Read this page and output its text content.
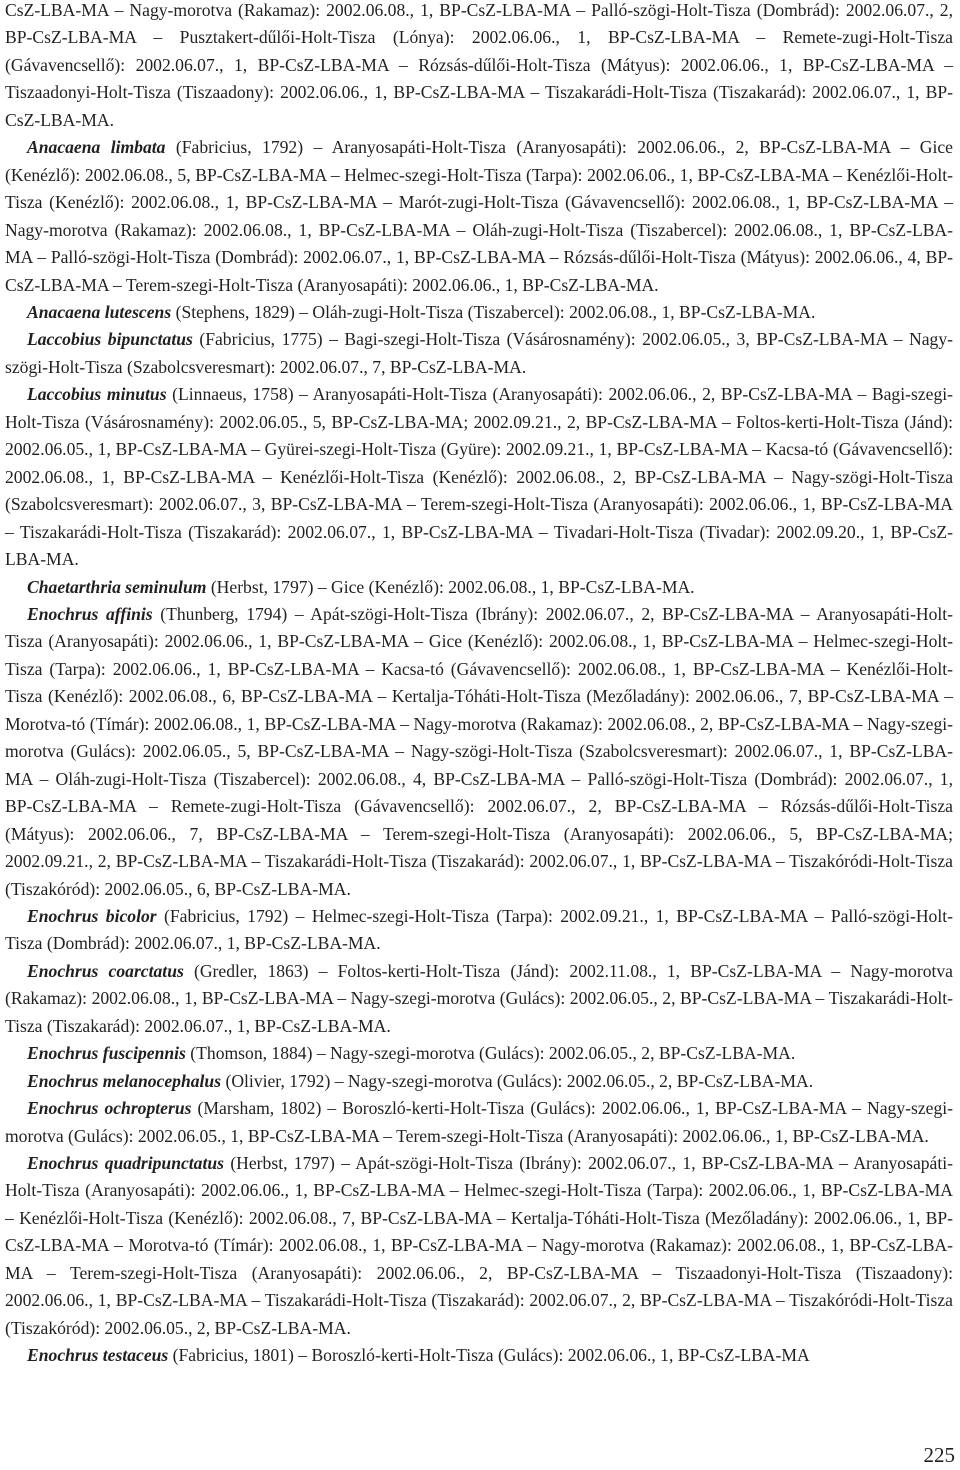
CsZ-LBA-MA – Nagy-morotva (Rakamaz): 2002.06.08., 1, BP-CsZ-LBA-MA – Palló-szögi-Holt-Tisza (Dombrád): 2002.06.07., 2, BP-CsZ-LBA-MA – Pusztakert-dűlői-Holt-Tisza (Lónya): 2002.06.06., 1, BP-CsZ-LBA-MA – Remete-zugi-Holt-Tisza (Gávavencsellő): 2002.06.07., 1, BP-CsZ-LBA-MA – Rózsás-dűlői-Holt-Tisza (Mátyus): 2002.06.06., 1, BP-CsZ-LBA-MA – Tiszaadonyi-Holt-Tisza (Tiszaadony): 2002.06.06., 1, BP-CsZ-LBA-MA – Tiszakarádi-Holt-Tisza (Tiszakarád): 2002.06.07., 1, BP-CsZ-LBA-MA.

Anacaena limbata (Fabricius, 1792) – Aranyosapáti-Holt-Tisza (Aranyosapáti): 2002.06.06., 2, BP-CsZ-LBA-MA – Gice (Kenézlő): 2002.06.08., 5, BP-CsZ-LBA-MA – Helmec-szegi-Holt-Tisza (Tarpa): 2002.06.06., 1, BP-CsZ-LBA-MA – Kenézlői-Holt-Tisza (Kenézlő): 2002.06.08., 1, BP-CsZ-LBA-MA – Marót-zugi-Holt-Tisza (Gávavencsellő): 2002.06.08., 1, BP-CsZ-LBA-MA – Nagy-morotva (Rakamaz): 2002.06.08., 1, BP-CsZ-LBA-MA – Oláh-zugi-Holt-Tisza (Tiszabercel): 2002.06.08., 1, BP-CsZ-LBA-MA – Palló-szögi-Holt-Tisza (Dombrád): 2002.06.07., 1, BP-CsZ-LBA-MA – Rózsás-dűlői-Holt-Tisza (Mátyus): 2002.06.06., 4, BP-CsZ-LBA-MA – Terem-szegi-Holt-Tisza (Aranyosapáti): 2002.06.06., 1, BP-CsZ-LBA-MA.

Anacaena lutescens (Stephens, 1829) – Oláh-zugi-Holt-Tisza (Tiszabercel): 2002.06.08., 1, BP-CsZ-LBA-MA.

Laccobius bipunctatus (Fabricius, 1775) – Bagi-szegi-Holt-Tisza (Vásárosnamény): 2002.06.05., 3, BP-CsZ-LBA-MA – Nagy-szögi-Holt-Tisza (Szabolcsveresmart): 2002.06.07., 7, BP-CsZ-LBA-MA.

Laccobius minutus (Linnaeus, 1758) – Aranyosapáti-Holt-Tisza (Aranyosapáti): 2002.06.06., 2, BP-CsZ-LBA-MA – Bagi-szegi-Holt-Tisza (Vásárosnamény): 2002.06.05., 5, BP-CsZ-LBA-MA; 2002.09.21., 2, BP-CsZ-LBA-MA – Foltos-kerti-Holt-Tisza (Jánd): 2002.06.05., 1, BP-CsZ-LBA-MA – Gyürei-szegi-Holt-Tisza (Gyüre): 2002.09.21., 1, BP-CsZ-LBA-MA – Kacsa-tó (Gávavencsellő): 2002.06.08., 1, BP-CsZ-LBA-MA – Kenézlői-Holt-Tisza (Kenézlő): 2002.06.08., 2, BP-CsZ-LBA-MA – Nagy-szögi-Holt-Tisza (Szabolcsveresmart): 2002.06.07., 3, BP-CsZ-LBA-MA – Terem-szegi-Holt-Tisza (Aranyosapáti): 2002.06.06., 1, BP-CsZ-LBA-MA – Tiszakarádi-Holt-Tisza (Tiszakarád): 2002.06.07., 1, BP-CsZ-LBA-MA – Tivadari-Holt-Tisza (Tivadar): 2002.09.20., 1, BP-CsZ-LBA-MA.

Chaetarthria seminulum (Herbst, 1797) – Gice (Kenézlő): 2002.06.08., 1, BP-CsZ-LBA-MA.

Enochrus affinis (Thunberg, 1794) – Apát-szögi-Holt-Tisza (Ibrány): 2002.06.07., 2, BP-CsZ-LBA-MA – Aranyosapáti-Holt-Tisza (Aranyosapáti): 2002.06.06., 1, BP-CsZ-LBA-MA – Gice (Kenézlő): 2002.06.08., 1, BP-CsZ-LBA-MA – Helmec-szegi-Holt-Tisza (Tarpa): 2002.06.06., 1, BP-CsZ-LBA-MA – Kacsa-tó (Gávavencsellő): 2002.06.08., 1, BP-CsZ-LBA-MA – Kenézlői-Holt-Tisza (Kenézlő): 2002.06.08., 6, BP-CsZ-LBA-MA – Kertalja-Tóháti-Holt-Tisza (Mezőladány): 2002.06.06., 7, BP-CsZ-LBA-MA – Morotva-tó (Tímár): 2002.06.08., 1, BP-CsZ-LBA-MA – Nagy-morotva (Rakamaz): 2002.06.08., 2, BP-CsZ-LBA-MA – Nagy-szegi-morotva (Gulács): 2002.06.05., 5, BP-CsZ-LBA-MA – Nagy-szögi-Holt-Tisza (Szabolcsveresmart): 2002.06.07., 1, BP-CsZ-LBA-MA – Oláh-zugi-Holt-Tisza (Tiszabercel): 2002.06.08., 4, BP-CsZ-LBA-MA – Palló-szögi-Holt-Tisza (Dombrád): 2002.06.07., 1, BP-CsZ-LBA-MA – Remete-zugi-Holt-Tisza (Gávavencsellő): 2002.06.07., 2, BP-CsZ-LBA-MA – Rózsás-dűlői-Holt-Tisza (Mátyus): 2002.06.06., 7, BP-CsZ-LBA-MA – Terem-szegi-Holt-Tisza (Aranyosapáti): 2002.06.06., 5, BP-CsZ-LBA-MA; 2002.09.21., 2, BP-CsZ-LBA-MA – Tiszakarádi-Holt-Tisza (Tiszakarád): 2002.06.07., 1, BP-CsZ-LBA-MA – Tiszakóródi-Holt-Tisza (Tiszakóród): 2002.06.05., 6, BP-CsZ-LBA-MA.

Enochrus bicolor (Fabricius, 1792) – Helmec-szegi-Holt-Tisza (Tarpa): 2002.09.21., 1, BP-CsZ-LBA-MA – Palló-szögi-Holt-Tisza (Dombrád): 2002.06.07., 1, BP-CsZ-LBA-MA.

Enochrus coarctatus (Gredler, 1863) – Foltos-kerti-Holt-Tisza (Jánd): 2002.11.08., 1, BP-CsZ-LBA-MA – Nagy-morotva (Rakamaz): 2002.06.08., 1, BP-CsZ-LBA-MA – Nagy-szegi-morotva (Gulács): 2002.06.05., 2, BP-CsZ-LBA-MA – Tiszakarádi-Holt-Tisza (Tiszakarád): 2002.06.07., 1, BP-CsZ-LBA-MA.

Enochrus fuscipennis (Thomson, 1884) – Nagy-szegi-morotva (Gulács): 2002.06.05., 2, BP-CsZ-LBA-MA.

Enochrus melanocephalus (Olivier, 1792) – Nagy-szegi-morotva (Gulács): 2002.06.05., 2, BP-CsZ-LBA-MA.

Enochrus ochropterus (Marsham, 1802) – Boroszló-kerti-Holt-Tisza (Gulács): 2002.06.06., 1, BP-CsZ-LBA-MA – Nagy-szegi-morotva (Gulács): 2002.06.05., 1, BP-CsZ-LBA-MA – Terem-szegi-Holt-Tisza (Aranyosapáti): 2002.06.06., 1, BP-CsZ-LBA-MA.

Enochrus quadripunctatus (Herbst, 1797) – Apát-szögi-Holt-Tisza (Ibrány): 2002.06.07., 1, BP-CsZ-LBA-MA – Aranyosapáti-Holt-Tisza (Aranyosapáti): 2002.06.06., 1, BP-CsZ-LBA-MA – Helmec-szegi-Holt-Tisza (Tarpa): 2002.06.06., 1, BP-CsZ-LBA-MA – Kenézlői-Holt-Tisza (Kenézlő): 2002.06.08., 7, BP-CsZ-LBA-MA – Kertalja-Tóháti-Holt-Tisza (Mezőladány): 2002.06.06., 1, BP-CsZ-LBA-MA – Morotva-tó (Tímár): 2002.06.08., 1, BP-CsZ-LBA-MA – Nagy-morotva (Rakamaz): 2002.06.08., 1, BP-CsZ-LBA-MA – Terem-szegi-Holt-Tisza (Aranyosapáti): 2002.06.06., 2, BP-CsZ-LBA-MA – Tiszaadonyi-Holt-Tisza (Tiszaadony): 2002.06.06., 1, BP-CsZ-LBA-MA – Tiszakarádi-Holt-Tisza (Tiszakarád): 2002.06.07., 2, BP-CsZ-LBA-MA – Tiszakóródi-Holt-Tisza (Tiszakóród): 2002.06.05., 2, BP-CsZ-LBA-MA.

Enochrus testaceus (Fabricius, 1801) – Boroszló-kerti-Holt-Tisza (Gulács): 2002.06.06., 1, BP-CsZ-LBA-MA

225
